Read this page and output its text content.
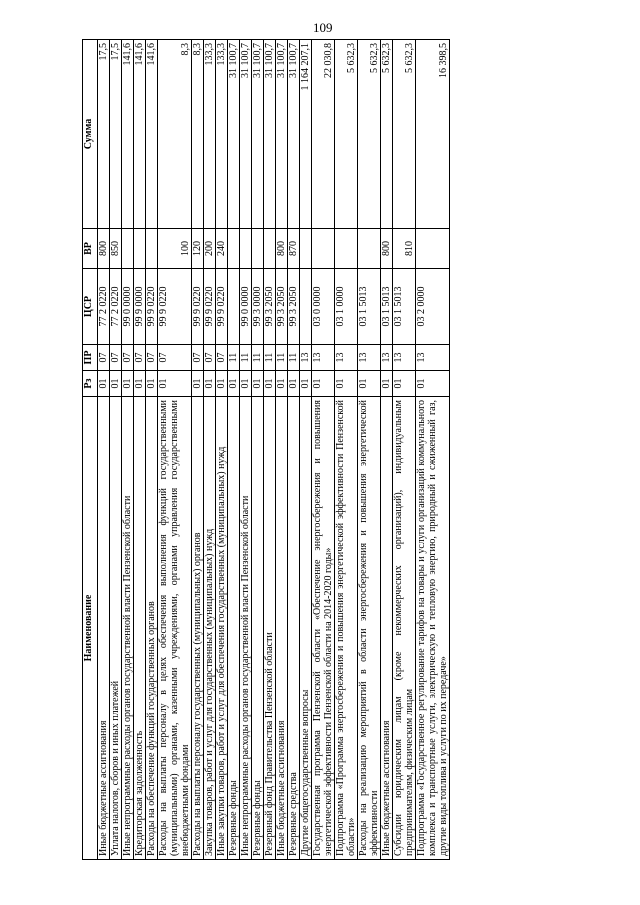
109
Наименование	Рз	ПР	ЦСР	ВР	Сумма
Иные бюджетные ассигнования	01	07	77 2 0220	800	17,5
Уплата налогов, сборов и иных платежей	01	07	77 2 0220	850	17,5
Иные непрограммные расходы органов государственной власти Пензенской области	01	07	99 0 0000		141,6
Кредиторская задолженность	01	07	99 9 0000		141,6
Расходы на обеспечение функций государственных органов	01	07	99 9 0220		141,6
Расходы на выплаты персоналу в целях обеспечения выполнения функций государственными (муниципальными) органами, казенными учреждениями, органами управления государственными внебюджетными фондами	01	07	99 9 0220	100	8,3
Расходы на выплаты персоналу государственных (муниципальных) органов	01	07	99 9 0220	120	8,3
Закупка товаров, работ и услуг для государственных (муниципальных) нужд	01	07	99 9 0220	200	133,3
Иные закупки товаров, работ и услуг для обеспечения государственных (муниципальных) нужд	01	07	99 9 0220	240	133,3
Резервные фонды	01	11			31 100,7
Иные непрограммные расходы органов государственной власти Пензенской области	01	11	99 0 0000		31 100,7
Резервные фонды	01	11	99 3 0000		31 100,7
Резервный фонд Правительства Пензенской области	01	11	99 3 2050		31 100,7
Иные бюджетные ассигнования	01	11	99 3 2050	800	31 100,7
Резервные средства	01	11	99 3 2050	870	31 100,7
Другие общегосударственные вопросы	01	13			1 164 207,1
Государственная программа Пензенской области «Обеспечение энергосбережения и повышения энергетической эффективности Пензенской области на 2014-2020 годы»	01	13	03 0 0000		22 030,8
Подпрограмма «Программа энергосбережения и повышения энергетической эффективности Пензенской области»	01	13	03 1 0000		5 632,3
Расходы на реализацию мероприятий в области энергосбережения и повышения энергетической эффективности	01	13	03 1 5013		5 632,3
Иные бюджетные ассигнования	01	13	03 1 5013	800	5 632,3
Субсидии юридическим лицам (кроме некоммерческих организаций), индивидуальным предпринимателям, физическим лицам	01	13	03 1 5013	810	5 632,3
Подпрограмма «Государственное регулирование тарифов на товары и услуги организаций коммунального комплекса и транспортные услуги, электрическую и тепловую энергию, природный и сжиженный газ, другие виды топлива и услуги по их передаче»	01	13	03 2 0000		16 398,5
